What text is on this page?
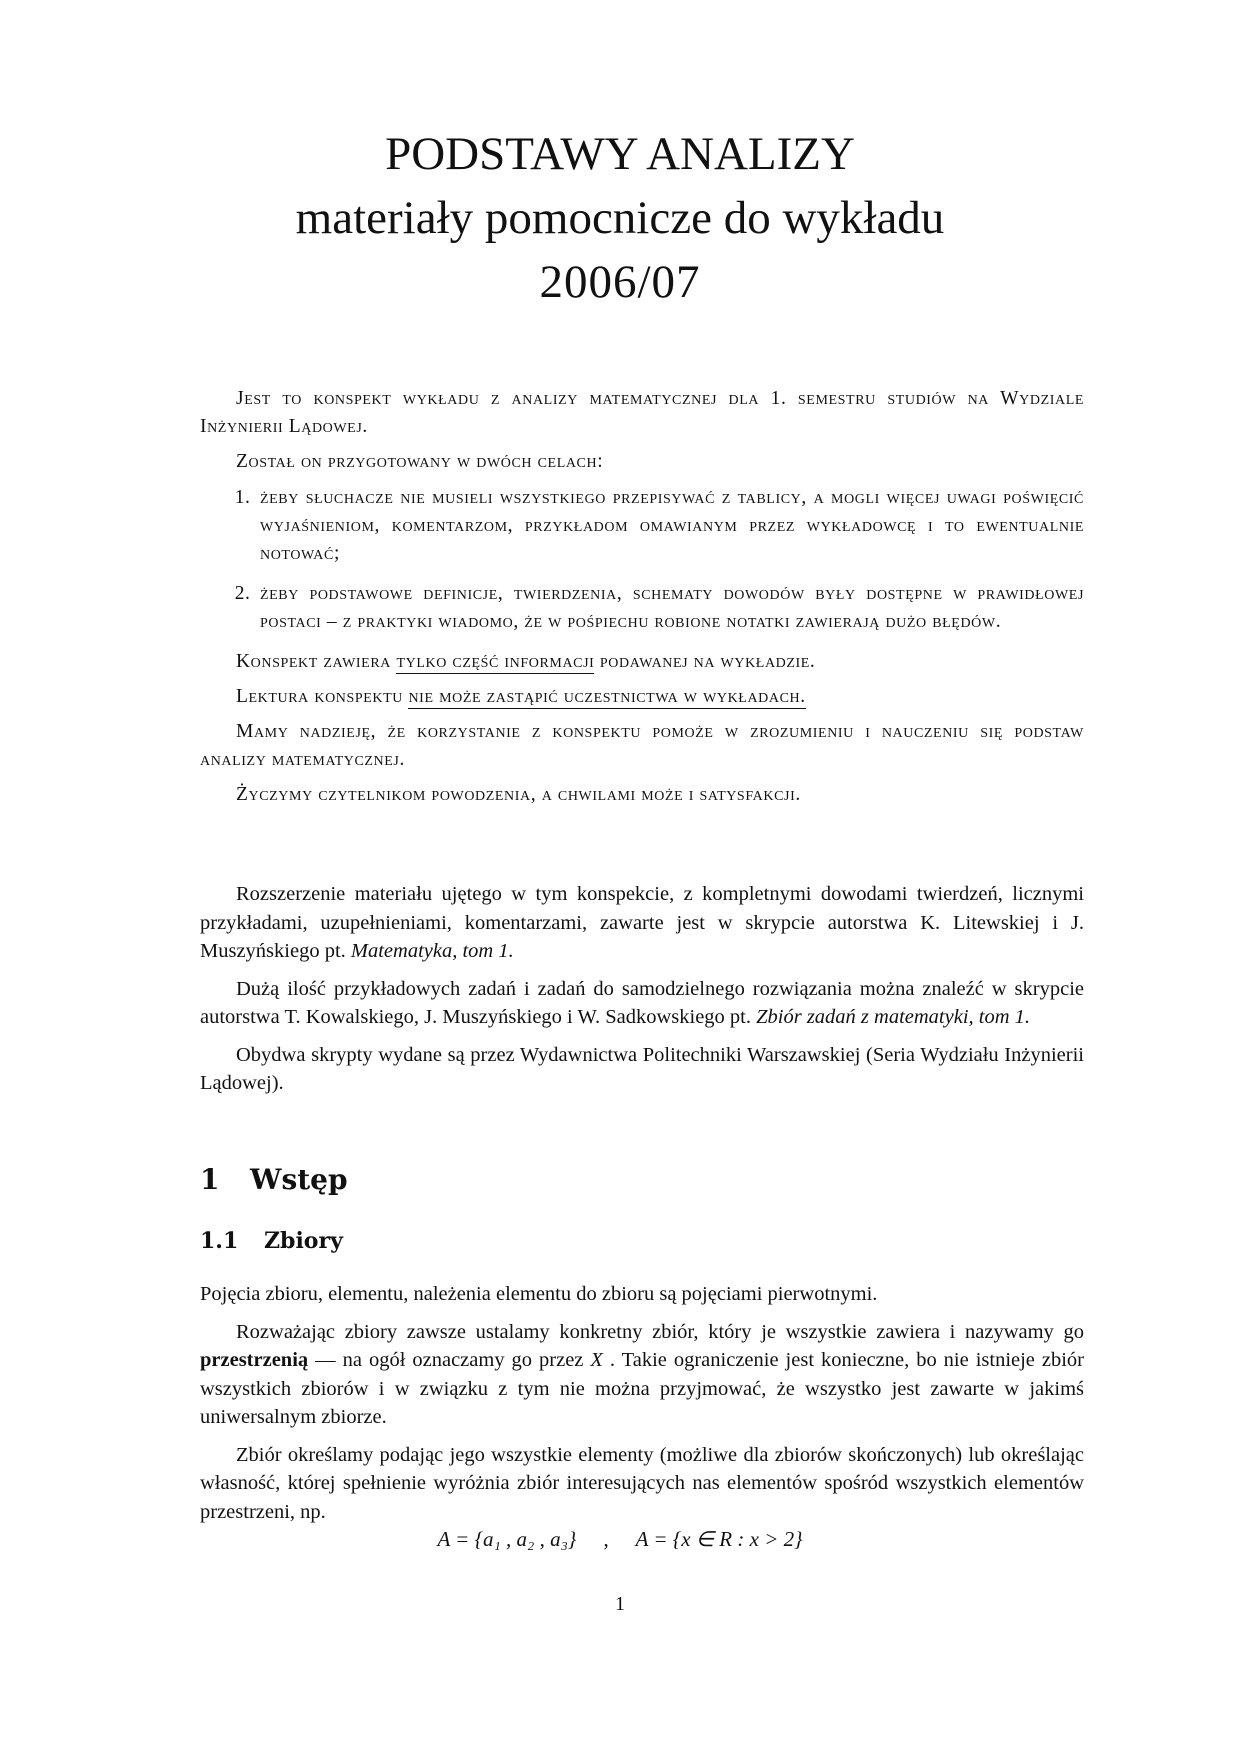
PODSTAWY ANALIZY
materiały pomocnicze do wykładu
2006/07

Jest to konspekt wykładu z analizy matematycznej dla 1. semestru studiów na Wydziale Inżynierii Lądowej.

Został on przygotowany w dwóch celach:

1. żeby słuchacze nie musieli wszystkiego przepisywać z tablicy, a mogli więcej uwagi poświęcić wyjaśnieniom, komentarzom, przykładom omawianym przez wykładowcę i to ewentualnie notować;
2. żeby podstawowe definicje, twierdzenia, schematy dowodów były dostępne w prawidłowej postaci – z praktyki wiadomo, że w pośpiechu robione notatki zawierają dużo błędów.

Konspekt zawiera tylko część informacji podawanej na wykładzie.

Lektura konspektu nie może zastąpić uczestnictwa w wykładach.

Mamy nadzieję, że korzystanie z konspektu pomoże w zrozumieniu i nauczeniu się podstaw analizy matematycznej.

Życzymy czytelnikom powodzenia, a chwilami może i satysfakcji.

Rozszerzenie materiału ujętego w tym konspekcie, z kompletnymi dowodami twierdzeń, licznymi przykładami, uzupełnieniami, komentarzami, zawarte jest w skrypcie autorstwa K. Litewskiej i J. Muszyńskiego pt. Matematyka, tom 1.

Dużą ilość przykładowych zadań i zadań do samodzielnego rozwiązania można znaleźć w skrypcie autorstwa T. Kowalskiego, J. Muszyńskiego i W. Sadkowskiego pt. Zbiór zadań z matematyki, tom 1.

Obydwa skrypty wydane są przez Wydawnictwa Politechniki Warszawskiej (Seria Wydziału Inżynierii Lądowej).

1 Wstęp
1.1 Zbiory

Pojęcia zbioru, elementu, należenia elementu do zbioru są pojęciami pierwotnymi.

Rozważając zbiory zawsze ustalamy konkretny zbiór, który je wszystkie zawiera i nazywamy go przestrzenią — na ogół oznaczamy go przez X . Takie ograniczenie jest konieczne, bo nie istnieje zbiór wszystkich zbiorów i w związku z tym nie można przyjmować, że wszystko jest zawarte w jakimś uniwersalnym zbiorze.

Zbiór określamy podając jego wszystkie elementy (możliwe dla zbiorów skończonych) lub określając własność, której spełnienie wyróżnia zbiór interesujących nas elementów spośród wszystkich elementów przestrzeni, np.

A = {a₁ , a₂ , a₃} , A = {x ∈ R : x > 2}
1
